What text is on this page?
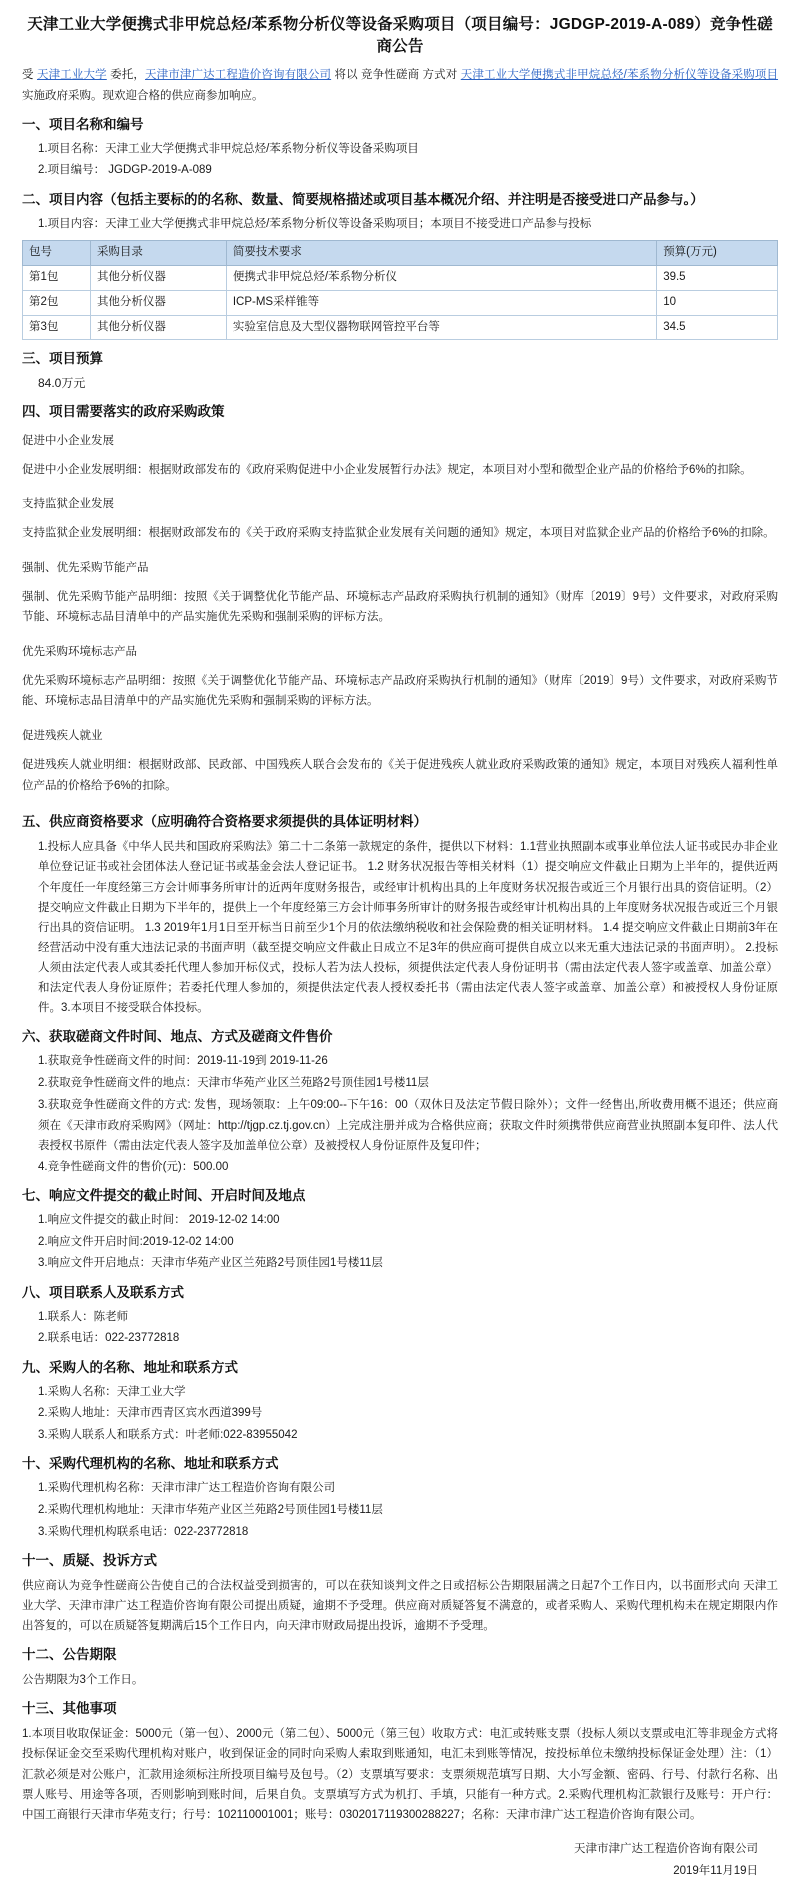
天津工业大学便携式非甲烷总烃/苯系物分析仪等设备采购项目（项目编号：JGDGP-2019-A-089）竞争性磋商公告
受 天津工业大学 委托，天津市津广达工程造价咨询有限公司 将以 竞争性磋商 方式对 天津工业大学便携式非甲烷总烃/苯系物分析仪等设备采购项目 实施政府采购。现欢迎合格的供应商参加响应。
一、项目名称和编号
1.项目名称：天津工业大学便携式非甲烷总烃/苯系物分析仪等设备采购项目
2.项目编号： JGDGP-2019-A-089
二、项目内容（包括主要标的的名称、数量、简要规格描述或项目基本概况介绍、并注明是否接受进口产品参与。）
1.项目内容：天津工业大学便携式非甲烷总烃/苯系物分析仪等设备采购项目；本项目不接受进口产品参与投标
包号	采购目录	简要技术要求	预算(万元)
第1包	其他分析仪器	便携式非甲烷总烃/苯系物分析仪	39.5
第2包	其他分析仪器	ICP-MS采样锥等	10
第3包	其他分析仪器	实验室信息及大型仪器物联网管控平台等	34.5
三、项目预算
84.0万元
四、项目需要落实的政府采购政策
促进中小企业发展
促进中小企业发展明细：根据财政部发布的《政府采购促进中小企业发展暂行办法》规定，本项目对小型和微型企业产品的价格给予6%的扣除。
支持监狱企业发展
支持监狱企业发展明细：根据财政部发布的《关于政府采购支持监狱企业发展有关问题的通知》规定，本项目对监狱企业产品的价格给予6%的扣除。
强制、优先采购节能产品
强制、优先采购节能产品明细：按照《关于调整优化节能产品、环境标志产品政府采购执行机制的通知》（财库〔2019〕9号）文件要求，对政府采购节能、环境标志品目清单中的产品实施优先采购和强制采购的评标方法。
优先采购环境标志产品
优先采购环境标志产品明细：按照《关于调整优化节能产品、环境标志产品政府采购执行机制的通知》（财库〔2019〕9号）文件要求，对政府采购节能、环境标志品目清单中的产品实施优先采购和强制采购的评标方法。
促进残疾人就业
促进残疾人就业明细：根据财政部、民政部、中国残疾人联合会发布的《关于促进残疾人就业政府采购政策的通知》规定，本项目对残疾人福利性单位产品的价格给予6%的扣除。
五、供应商资格要求（应明确符合资格要求须提供的具体证明材料）
1.投标人应具备《中华人民共和国政府采购法》第二十二条第一款规定的条件，提供以下材料：1.1营业执照副本或事业单位法人证书或民办非企业单位登记证书或社会团体法人登记证书或基金会法人登记证书。 1.2 财务状况报告等相关材料（1）提交响应文件截止日期为上半年的，提供近两个年度任一年度经第三方会计师事务所审计的近两年度财务报告，或经审计机构出具的上年度财务状况报告或近三个月银行出具的资信证明。（2）提交响应文件截止日期为下半年的，提供上一个年度经第三方会计师事务所审计的财务报告或经审计机构出具的上年度财务状况报告或近三个月银行出具的资信证明。 1.3 2019年1月1日至开标当日前至少1个月的依法缴纳税收和社会保险费的相关证明材料。 1.4 提交响应文件截止日期前3年在经营活动中没有重大违法记录的书面声明（截至提交响应文件截止日成立不足3年的供应商可提供自成立以来无重大违法记录的书面声明）。 2.投标人须由法定代表人或其委托代理人参加开标仪式，投标人若为法人投标，须提供法定代表人身份证明书（需由法定代表人签字或盖章、加盖公章）和法定代表人身份证原件；若委托代理人参加的，须提供法定代表人授权委托书（需由法定代表人签字或盖章、加盖公章）和被授权人身份证原件。3.本项目不接受联合体投标。
六、获取磋商文件时间、地点、方式及磋商文件售价
1.获取竞争性磋商文件的时间：2019-11-19到 2019-11-26
2.获取竞争性磋商文件的地点：天津市华苑产业区兰苑路2号顶佳园1号楼11层
3.获取竞争性磋商文件的方式: 发售，现场领取：上午09:00--下午16：00（双休日及法定节假日除外）；文件一经售出,所收费用概不退还；供应商须在《天津市政府采购网》（网址：http://tjgp.cz.tj.gov.cn）上完成注册并成为合格供应商；获取文件时须携带供应商营业执照副本复印件、法人代表授权书原件（需由法定代表人签字及加盖单位公章）及被授权人身份证原件及复印件；
4.竞争性磋商文件的售价(元)：500.00
七、响应文件提交的截止时间、开启时间及地点
1.响应文件提交的截止时间： 2019-12-02 14:00
2.响应文件开启时间:2019-12-02 14:00
3.响应文件开启地点：天津市华苑产业区兰苑路2号顶佳园1号楼11层
八、项目联系人及联系方式
1.联系人：陈老师
2.联系电话：022-23772818
九、采购人的名称、地址和联系方式
1.采购人名称：天津工业大学
2.采购人地址：天津市西青区宾水西道399号
3.采购人联系人和联系方式：叶老师:022-83955042
十、采购代理机构的名称、地址和联系方式
1.采购代理机构名称：天津市津广达工程造价咨询有限公司
2.采购代理机构地址：天津市华苑产业区兰苑路2号顶佳园1号楼11层
3.采购代理机构联系电话：022-23772818
十一、质疑、投诉方式
供应商认为竞争性磋商公告使自己的合法权益受到损害的，可以在获知谈判文件之日或招标公告期限届满之日起7个工作日内，以书面形式向 天津工业大学、天津市津广达工程造价咨询有限公司提出质疑，逾期不予受理。供应商对质疑答复不满意的，或者采购人、采购代理机构未在规定期限内作出答复的，可以在质疑答复期满后15个工作日内，向天津市财政局提出投诉，逾期不予受理。
十二、公告期限
公告期限为3个工作日。
十三、其他事项
1.本项目收取保证金：5000元（第一包）、2000元（第二包）、5000元（第三包）收取方式：电汇或转账支票（投标人须以支票或电汇等非现金方式将投标保证金交至采购代理机构对账户，收到保证金的同时向采购人索取到账通知，电汇未到账等情况，按投标单位未缴纳投标保证金处理）注：（1）汇款必须是对公账户，汇款用途须标注所投项目编号及包号。（2）支票填写要求：支票须规范填写日期、大小写金额、密码、行号、付款行名称、出票人账号、用途等各项，否则影响到账时间，后果自负。支票填写方式为机打、手填，只能有一种方式。2.采购代理机构汇款银行及账号：开户行：中国工商银行天津市华苑支行；行号：102110001001；账号：0302017119300288227；名称：天津市津广达工程造价咨询有限公司。
天津市津广达工程造价咨询有限公司
2019年11月19日
